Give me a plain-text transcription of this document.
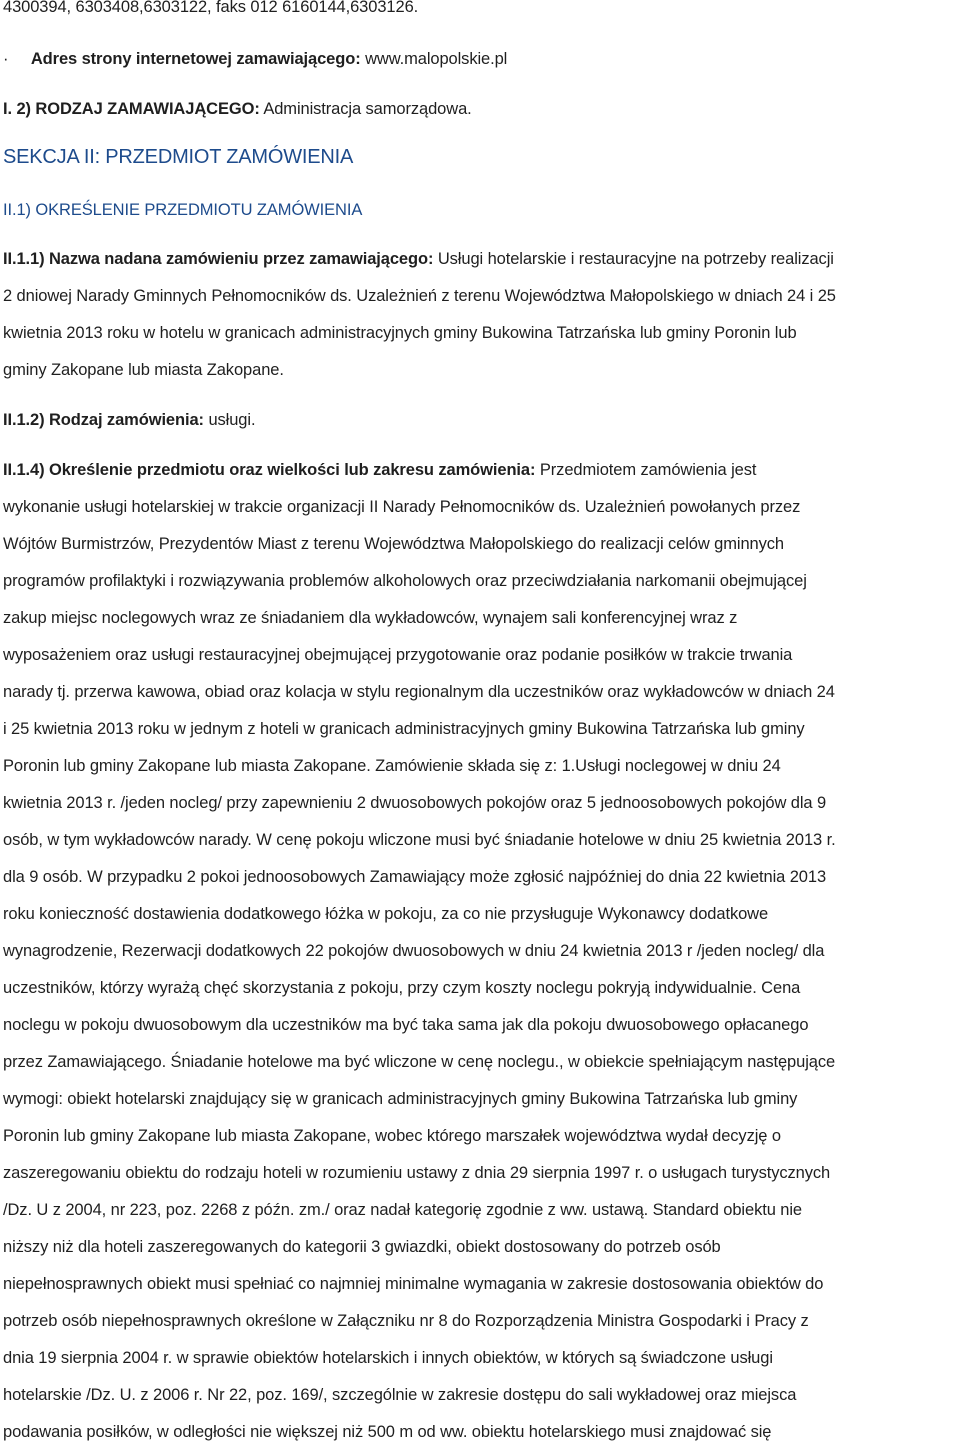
4300394, 6303408,6303122, faks 012 6160144,6303126.
· Adres strony internetowej zamawiającego: www.malopolskie.pl
I. 2) RODZAJ ZAMAWIAJĄCEGO: Administracja samorządowa.
SEKCJA II: PRZEDMIOT ZAMÓWIENIA
II.1) OKREŚLENIE PRZEDMIOTU ZAMÓWIENIA
II.1.1) Nazwa nadana zamówieniu przez zamawiającego: Usługi hotelarskie i restauracyjne na potrzeby realizacji
2 dniowej Narady Gminnych Pełnomocników ds. Uzależnień z terenu Województwa Małopolskiego w dniach 24 i 25
kwietnia 2013 roku w hotelu w granicach administracyjnych gminy Bukowina Tatrzańska lub gminy Poronin lub
gminy Zakopane lub miasta Zakopane.
II.1.2) Rodzaj zamówienia: usługi.
II.1.4) Określenie przedmiotu oraz wielkości lub zakresu zamówienia: Przedmiotem zamówienia jest
wykonanie usługi hotelarskiej w trakcie organizacji II Narady Pełnomocników ds. Uzależnień powołanych przez
Wójtów Burmistrzów, Prezydentów Miast z terenu Województwa Małopolskiego do realizacji celów gminnych
programów profilaktyki i rozwiązywania problemów alkoholowych oraz przeciwdziałania narkomanii obejmującej
zakup miejsc noclegowych wraz ze śniadaniem dla wykładowców, wynajem sali konferencyjnej wraz z
wyposażeniem oraz usługi restauracyjnej obejmującej przygotowanie oraz podanie posiłków w trakcie trwania
narady tj. przerwa kawowa, obiad oraz kolacja w stylu regionalnym dla uczestników oraz wykładowców w dniach 24
i 25 kwietnia 2013 roku w jednym z hoteli w granicach administracyjnych gminy Bukowina Tatrzańska lub gminy
Poronin lub gminy Zakopane lub miasta Zakopane. Zamówienie składa się z: 1.Usługi noclegowej w dniu 24
kwietnia 2013 r. /jeden nocleg/ przy zapewnieniu 2 dwuosobowych pokojów oraz 5 jednoosobowych pokojów dla 9
osób, w tym wykładowców narady. W cenę pokoju wliczone musi być śniadanie hotelowe w dniu 25 kwietnia 2013 r.
dla 9 osób. W przypadku 2 pokoi jednoosobowych Zamawiający może zgłosić najpóźniej do dnia 22 kwietnia 2013
roku konieczność dostawienia dodatkowego łóżka w pokoju, za co nie przysługuje Wykonawcy dodatkowe
wynagrodzenie, Rezerwacji dodatkowych 22 pokojów dwuosobowych w dniu 24 kwietnia 2013 r /jeden nocleg/ dla
uczestników, którzy wyrażą chęć skorzystania z pokoju, przy czym koszty noclegu pokryją indywidualnie. Cena
noclegu w pokoju dwuosobowym dla uczestników ma być taka sama jak dla pokoju dwuosobowego opłacanego
przez Zamawiającego. Śniadanie hotelowe ma być wliczone w cenę noclegu., w obiekcie spełniającym następujące
wymogi: obiekt hotelarski znajdujący się w granicach administracyjnych gminy Bukowina Tatrzańska lub gminy
Poronin lub gminy Zakopane lub miasta Zakopane, wobec którego marszałek województwa wydał decyzję o
zaszeregowaniu obiektu do rodzaju hoteli w rozumieniu ustawy z dnia 29 sierpnia 1997 r. o usługach turystycznych
/Dz. U z 2004, nr 223, poz. 2268 z późn. zm./ oraz nadał kategorię zgodnie z ww. ustawą. Standard obiektu nie
niższy niż dla hoteli zaszeregowanych do kategorii 3 gwiazdki, obiekt dostosowany do potrzeb osób
niepełnosprawnych obiekt musi spełniać co najmniej minimalne wymagania w zakresie dostosowania obiektów do
potrzeb osób niepełnosprawnych określone w Załączniku nr 8 do Rozporządzenia Ministra Gospodarki i Pracy z
dnia 19 sierpnia 2004 r. w sprawie obiektów hotelarskich i innych obiektów, w których są świadczone usługi
hotelarskie /Dz. U. z 2006 r. Nr 22, poz. 169/, szczególnie w zakresie dostępu do sali wykładowej oraz miejsca
podawania posiłków, w odległości nie większej niż 500 m od ww. obiektu hotelarskiego musi znajdować się
